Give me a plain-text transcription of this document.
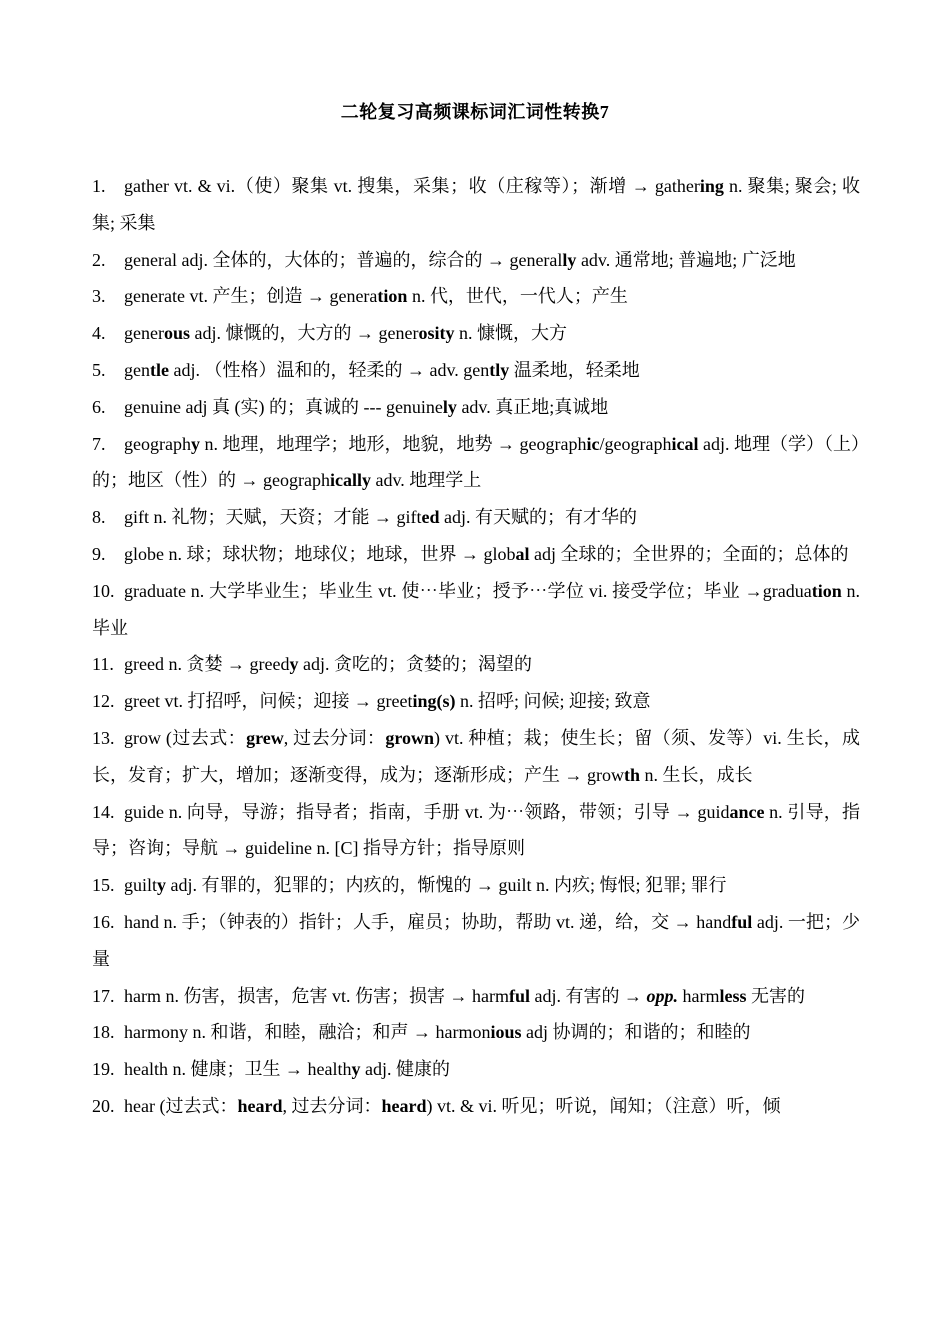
二轮复习高频课标词汇词性转换7

1. gather vt. & vi.（使）聚集 vt. 搜集，采集；收（庄稼等）；渐增 → gathering n. 聚集; 聚会; 收集; 采集

2. general adj. 全体的，大体的；普遍的，综合的 → generally adv. 通常地; 普遍地; 广泛地

3. generate vt. 产生；创造 → generation n. 代，世代，一代人；产生

4. generous adj. 慷慨的，大方的 → generosity n. 慷慨，大方

5. gentle adj. （性格）温和的，轻柔的 → adv. gently 温柔地，轻柔地

6. genuine adj 真 (实) 的；真诚的 --- genuinely adv. 真正地;真诚地

7. geography n. 地理，地理学；地形，地貌，地势 → geographic/geographical adj. 地理（学）（上）的；地区（性）的 → geographically adv. 地理学上

8. gift n. 礼物；天赋，天资；才能 → gifted adj. 有天赋的；有才华的

9. globe n. 球；球状物；地球仪；地球，世界 → global adj 全球的；全世界的；全面的；总体的

10. graduate n. 大学毕业生；毕业生 vt. 使⋯毕业；授予⋯学位 vi. 接受学位；毕业 →graduation n. 毕业

11. greed n. 贪婪 → greedy adj. 贪吃的；贪婪的；渴望的

12. greet vt. 打招呼，问候；迎接 → greeting(s) n. 招呼; 问候; 迎接; 致意

13. grow (过去式：grew, 过去分词：grown) vt. 种植；栽；使生长；留（须、发等）vi. 生长，成长，发育；扩大，增加；逐渐变得，成为；逐渐形成；产生 → growth n. 生长，成长

14. guide n. 向导，导游；指导者；指南，手册 vt. 为⋯领路，带领；引导 → guidance n. 引导，指导；咨询；导航 → guideline n. [C] 指导方针；指导原则

15. guilty adj. 有罪的，犯罪的；内疚的，惭愧的 → guilt n. 内疚; 悔恨; 犯罪; 罪行

16. hand n. 手；（钟表的）指针；人手，雇员；协助，帮助 vt. 递，给，交 → handful adj. 一把；少量

17. harm n. 伤害，损害，危害 vt. 伤害；损害 → harmful adj. 有害的 → opp. harmless 无害的

18. harmony n. 和谐，和睦，融洽；和声 → harmonious adj 协调的；和谐的；和睦的

19. health n. 健康；卫生 → healthy adj. 健康的

20. hear (过去式：heard, 过去分词：heard) vt. & vi. 听见；听说，闻知；（注意）听，倾
